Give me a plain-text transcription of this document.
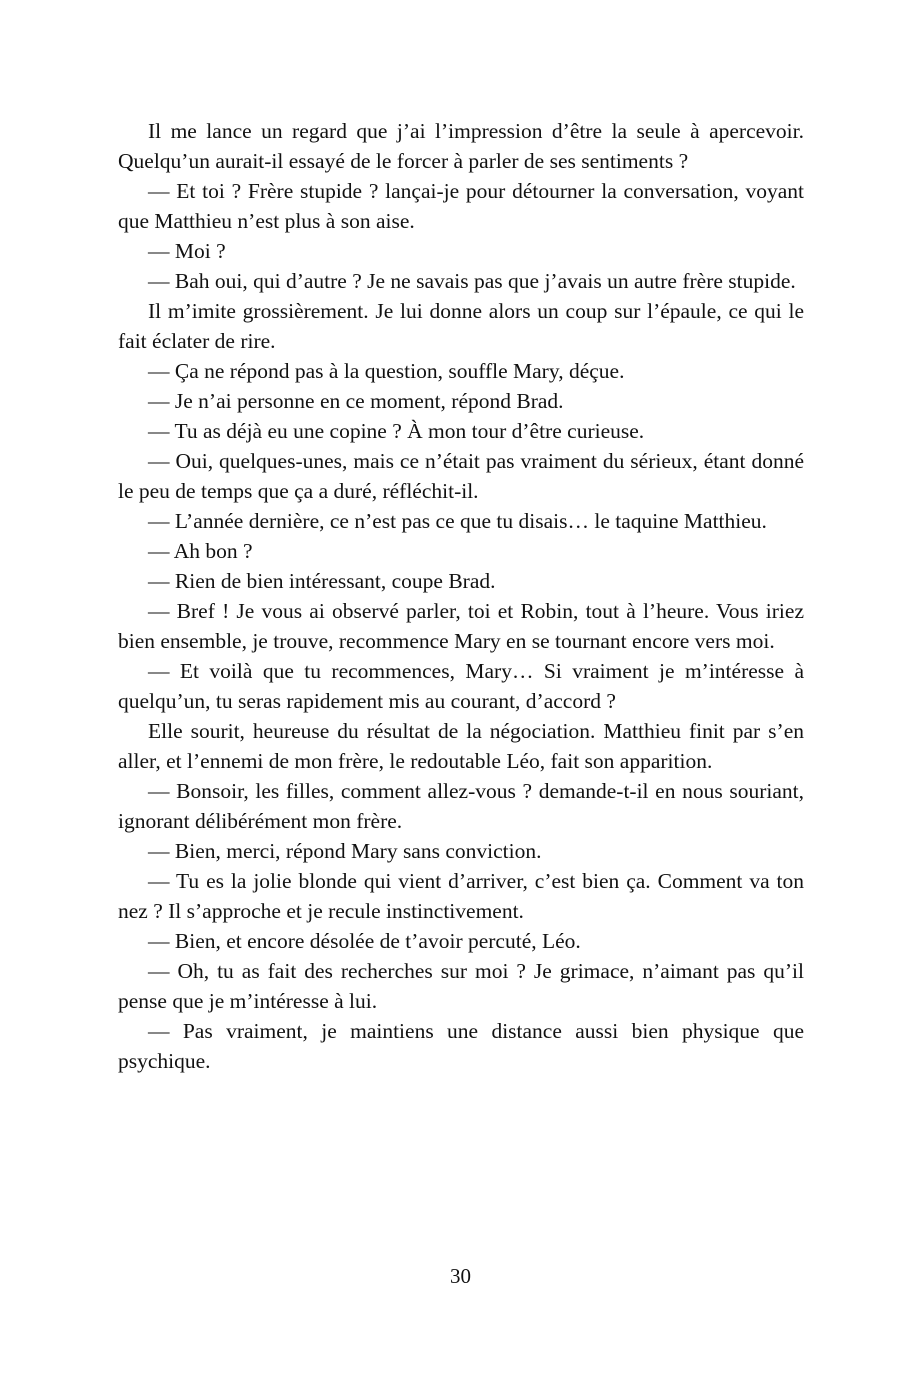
Il me lance un regard que j’ai l’impression d’être la seule à apercevoir. Quelqu’un aurait-il essayé de le forcer à parler de ses sentiments ?

— Et toi ? Frère stupide ? lançai-je pour détourner la conversation, voyant que Matthieu n’est plus à son aise.

— Moi ?

— Bah oui, qui d’autre ? Je ne savais pas que j’avais un autre frère stupide.

Il m’imite grossièrement. Je lui donne alors un coup sur l’épaule, ce qui le fait éclater de rire.

— Ça ne répond pas à la question, souffle Mary, déçue.

— Je n’ai personne en ce moment, répond Brad.

— Tu as déjà eu une copine ? À mon tour d’être curieuse.

— Oui, quelques-unes, mais ce n’était pas vraiment du sérieux, étant donné le peu de temps que ça a duré, réfléchit-il.

— L’année dernière, ce n’est pas ce que tu disais… le taquine Matthieu.

— Ah bon ?

— Rien de bien intéressant, coupe Brad.

— Bref ! Je vous ai observé parler, toi et Robin, tout à l’heure. Vous iriez bien ensemble, je trouve, recommence Mary en se tournant encore vers moi.

— Et voilà que tu recommences, Mary… Si vraiment je m’intéresse à quelqu’un, tu seras rapidement mis au courant, d’accord ?

Elle sourit, heureuse du résultat de la négociation. Matthieu finit par s’en aller, et l’ennemi de mon frère, le redoutable Léo, fait son apparition.

— Bonsoir, les filles, comment allez-vous ? demande-t-il en nous souriant, ignorant délibérément mon frère.

— Bien, merci, répond Mary sans conviction.

— Tu es la jolie blonde qui vient d’arriver, c’est bien ça. Comment va ton nez ? Il s’approche et je recule instinctivement.

— Bien, et encore désolée de t’avoir percuté, Léo.

— Oh, tu as fait des recherches sur moi ? Je grimace, n’aimant pas qu’il pense que je m’intéresse à lui.

— Pas vraiment, je maintiens une distance aussi bien physique que psychique.

30
